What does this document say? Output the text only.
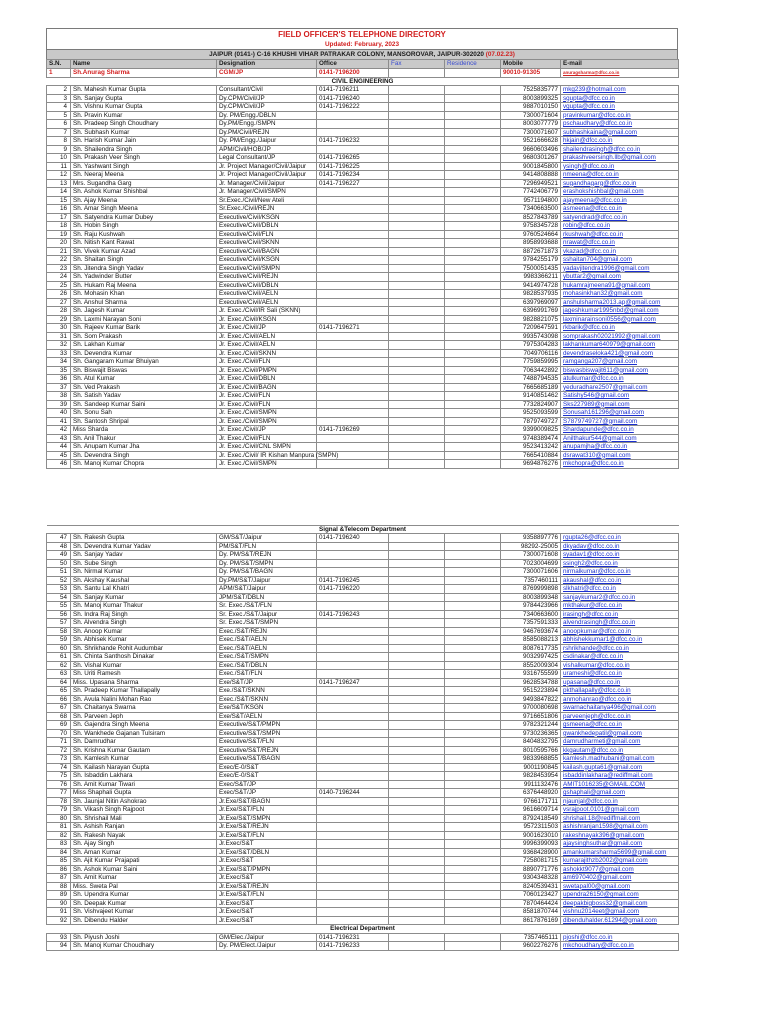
FIELD OFFICER'S TELEPHONE DIRECTORY
Updated: February, 2023
JAIPUR (0141-) C-16 KHUSHI VIHAR PATRAKAR COLONY, MANSOROVAR, JAIPUR-302020 (07.02.23)
S.N.	Name	Designation	Office	Fax	Residence	Mobile	E-mail
1	Sh.Anurag Sharma	CGM/JP	0141-7196200			90010-91305	anuragsharma@dfcc.co.in
CIVIL ENGINEERING							
2	Sh. Mahesh Kumar Gupta	Consultant/Civil	0141-7196211			7525835777	mkg239@hotmail.com
3	Sh. Sanjay Gupta	Dy.CPM/Civil/JP	0141-7196240			8003899325	sgupta@dfcc.co.in
4	Sh. Vishnu Kumar Gupta	Dy.CPM/Civil/JP	0141-7196222			9887010150	vgupta@dfcc.co.in
5	Sh. Pravin Kumar	Dy. PM/Engg./DBLN				7300071604	pravinkumar@dfcc.co.in
6	Sh. Pradeep Singh Choudhary	Dy.PM/Engg./SMPN				8003077779	pschaudhary@dfcc.co.in
7	Sh. Subhash Kumar	Dy.PM/Civil/REJN				7300071607	subhashkaina@gmail.com
8	Sh. Harish Kumar Jain	Dy. PM/Engg./Jaipur	0141-7196232			9521666628	hkjain@dfcc.co.in
9	Sh. Shailendra Singh	APM/Civil/HOB/JP				9660603496	shailendrasingh@dfcc.co.in
10	Sh. Prakash Veer Singh	Legal Consultant/JP	0141-7196265			9680301267	prakashveersingh.llb@gmail.com
11	Sh. Yashwant Singh	Jr. Project Manager/Civil/Jaipur	0141-7196225			9001845800	ysingh@dfcc.co.in
12	Sh. Neeraj Meena	Jr. Project Manager/Civil/Jaipur	0141-7196234			9414808888	nmeena@dfcc.co.in
13	Mrs. Sugandha Garg	Jr. Manager/Civil/Jaipur	0141-7196227			7296949521	sugandhagarg@dfcc.co.in
14	Sh. Ashok Kumar Shishbal	Jr. Manager/Civil/SMPN				7742406779	erashokshishbal@gmail.com
15	Sh. Ajay Meena	Sr.Exec./Civil/New Ateli				9571194800	ajaymeena@dfcc.co.in
16	Sh. Amar Singh Meena	Sr.Exec./Civil/REJN				7340663500	asmeena@dfcc.co.in
17	Sh. Satyendra Kumar Dubey	Executive/Civil/KSGN				8527843789	satyendrad@dfcc.co.in
18	Sh. Hobin Singh	Executive/Civil/DBLN				9758345728	robin@dfcc.co.in
19	Sh. Raju Kushwah	Executive/Civil/FLN				9760524664	rkushwah@dfcc.co.in
20	Sh. Nitish Kant Rawat	Executive/Civil/SKNN				8958993688	nrawat@dfcc.co.in
21	Sh. Vivek Kumar Azad	Executive/Civil/BAGN				8872671873	vkazad@dfcc.co.in
22	Sh. Shaitan Singh	Executive/Civil/KSGN				9784255179	sshaitan704@gmail.com
23	Sh. Jitendra Singh Yadav	Executive/Civil/SMPN				7500051435	yadavjitendra1996@gmail.com
24	Sh. Yadwinder Butter	Executive/Civil/REJN				9983366211	ybuttar2@gmail.com
25	Sh. Hukam Raj Meena	Executive/Civil/DBLN				9414974728	hukamrajmeena91@gmail.com
26	Sh. Mohasin Khan	Executive/Civil/AELN				9828537935	mohasinkhan32@gmail.com
27	Sh. Anshul Sharma	Executive/Civil/AELN				6397969097	anshulsharma2013.ap@gmail.com
28	Sh. Jagesh Kumar	Jr. Exec./Civil/IR Sali (SKNN)				6396991769	jageshkumar1995nbd@gmail.com
29	Sh. Laxmi Narayan Soni	Jr. Exec./Civil/KSGN				9828821075	laxminarainsoni0556@gmail.com
30	Sh. Rajeev Kumar Barik	Jr. Exec./Civil/JP	0141-7196271			7209647591	rkbarik@dfcc.co.in
31	Sh. Som Prakash	Jr. Exec./Civil/AELN				9935743098	somprakash02021992@gmail.com
32	Sh. Lakhan Kumar	Jr. Exec./Civil/AELN				7975304283	lakhankumar640979@gmail.com
33	Sh. Devendra Kumar	Jr. Exec./Civil/SKNN				7049706116	devendraseloka421@gmail.com
34	Sh. Gangaram Kumar Bhuiyan	Jr. Exec./Civil/FLN				7759859995	ramganga207@gmail.com
35	Sh. Biswajit Biswas	Jr. Exec./Civil/PMPN				7063442892	biswasbiswajit611@gmail.com
36	Sh. Atul Kumar	Jr. Exec./Civil/DBLN				7488794535	atulkumar@dfcc.co.in
37	Sh. Ved Prakash	Jr. Exec./Civil/BAGN				7665685189	yeduradhare2507@gmail.com
38	Sh. Satish Yadav	Jr. Exec./Civil/FLN				9140851462	Satishy546@gmail.com
39	Sh. Sandeep Kumar Saini	Jr. Exec./Civil/FLN				7732824907	Sks227989@gmail.com
40	Sh. Sonu Sah	Jr. Exec./Civil/SMPN				9525093599	Sonusah161296@gmail.com
41	Sh. Santosh Shripal	Jr. Exec./Civil/SMPN				7879749727	S7879749727@gmail.com
42	Miss Sharda	Jr. Exec./Civil/JP	0141-7196269			9399009825	Shardapunde@dfcc.co.in
43	Sh. Anil Thakur	Jr. Exec./Civil/FLN				9748389474	Anilthakur544@gmail.com
44	Sh. Anupam Kumar Jha	Jr. Exec./Civil/CNL SMPN				9523413242	anupamjha@dfcc.co.in
45	Sh. Devendra Singh	Jr. Exec./Civil/ IR Kishan Manpura (SMPN)				7665410884	dsrawat310@gmail.com
46	Sh. Manoj Kumar Chopra	Jr. Exec./Civil/SMPN				9694876276	mkchopra@dfcc.co.in
Signal &Telecom Department							
47	Sh. Rakesh Gupta	GM/S&T/Jaipur	0141-7196240			9358897776	rgupta26@dfcc.co.in
48	Sh. Devendra Kumar Yadav	PM/S&T/FLN				98292-25005	dkyadav@dfcc.co.in
49	Sh. Sanjay Yadav	Dy. PM/S&T/REJN				7300071608	syadav1@dfcc.co.in
50	Sh. Sube Singh	Dy. PM/S&T/SMPN				7023004699	ssingh2@dfcc.co.in
51	Sh. Nirmal Kumar	Dy. PM/S&T/BAGN				7300071606	nirmalkumar@dfcc.co.in
52	Sh. Akshay Kaushal	Dy.PM/S&T/Jaipur	0141-7196245			7357460111	akaushal@dfcc.co.in
53	Sh. Santu Lal Khatri	APM/S&T/Jaipur	0141-7196220			8769999898	slkhatri@dfcc.co.in
54	Sh. Sanjay Kumar	JPM/S&T/DBLN				8003899348	sanjaykumar2@dfcc.co.in
55	Sh. Manoj Kumar Thakur	Sr. Exec./S&T/FLN				9784423966	mkthakur@dfcc.co.in
56	Sh. Indra Raj Singh	Sr. Exec./S&T/Jaipur	0141-7196243			7340663600	irasingh@dfcc.co.in
57	Sh. Alvendra Singh	Sr. Exec./S&T/SMPN				7357591333	alvendrasingh@dfcc.co.in
58	Sh. Anoop Kumar	Exec./S&T/REJN				9467693674	anoopkumar@dfcc.co.in
59	Sh. Abhisek Kumar	Exec./S&T/AELN				8585088213	abhishekkumar1@dfcc.co.in
60	Sh. Shrikhande Rohit Audumbar	Exec./S&T/AELN				8087617735	rshrikhande@dfcc.co.in
61	Sh. Chinta Santhosh Dinakar	Exec./S&T/SMPN				9032997425	csdinakar@dfcc.co.in
62	Sh. Vishal Kumar	Exec./S&T/DBLN				8552009304	vishalkumar@dfcc.co.in
63	Sh. Uriti Ramesh	Exec./S&T/FLN				9316755599	urameshi@dfcc.co.in
64	Miss. Upasana Sharma	Exe/S&T/JP	0141-7196247			9628534788	upasana@dfcc.co.in
65	Sh. Pradeep Kumar Thallapally	Exe./S&T/SKNN				9515223894	pkthallapally@dfcc.co.in
66	Sh. Avula Nalini Mohan Rao	Exec./S&T/SKNN				9493847822	anmohanrao@dfcc.co.in
67	Sh. Chaitanya Swarna	Exe/S&T/KSGN				9700080698	swarnachaitanya496@gmail.com
68	Sh. Parveen Jeph	Exe/S&T/AELN				9716651806	parveenjeph@dfcc.co.in
69	Sh. Gajendra Singh Meena	Executive/S&T/PMPN				9782321244	gsmeena@dfcc.co.in
70	Sh. Wankhede Gajanan Tulsiram	Executive/S&T/SMPN				9730236365	gwankhedepatil@gmail.com
71	Sh. Damrudhar	Executive/S&T/FLN				8404832795	damrudharmeti@gmail.com
72	Sh. Krishna Kumar Gautam	Executive/S&T/REJN				8010595766	kkgautam@dfcc.co.in
73	Sh. Kamlesh Kumar	Executive/S&T/BAGN				9833968855	kamlesh.madhubani@gmail.com
74	Sh. Kailash Narayan Gupta	Exec/E-0/S&T				9001190845	kailash.gupta61@gmail.com
75	Sh. Isbaddin Lakhara	Exec/E-0/S&T				9828453954	isbaddinlakhara@rediffmail.com
76	Sh. Amit Kumar Tiwari	Exec/S&T/JP				9911132476	AMIT1016235@GMAIL.COM
77	Miss Shaphali Gupta	Exec/S&T/JP	0140-7196244			6376448920	gshaphali@gmail.com
78	Sh. Jaunjal Nitin Ashokrao	Jr.Exe/S&T/BAGN				9766171711	njaunjal@dfcc.co.in
79	Sh. Vikash Singh Rajpoot	Jr.Exe/S&T/FLN				9616609714	vsrajpoot.0101@gmail.com
80	Sh. Shrishail Mali	Jr.Exe/S&T/SMPN				8792418549	shrishail.18@rediffmail.com
81	Sh. Ashish Ranjan	Jr.Exe/S&T/REJN				9572311503	ashishranjan1598@gmail.com
82	Sh. Rakesh Nayak	Jr.Exe/S&T/FLN				9001623010	rakeshnayak396@gmail.com
83	Sh. Ajay Singh	Jr.Exec/S&T				9996399093	ajaysinghsuthar@gmail.com
84	Sh. Aman Kumar	Jr.Exe/S&T/DBLN				9368428900	amankumarsharma5699@gmail.com
85	Sh. Ajit Kumar Prajapati	Jr.Exec/S&T				7258081715	kumarajithzb2002@gmail.com
86	Sh. Ashok Kumar Saini	Jr.Exe/S&T/PMPN				8890771776	ashokkt9077@gmail.com
87	Sh. Amit Kumar	Jr.Exec/S&T				9304348328	am6970402@gmail.com
88	Miss. Sweta Pal	Jr.Exe/S&T/REJN				8240539431	swetapal00@gmail.com
89	Sh. Upendra Kumar	Jr.Exe/S&T/FLN				7060123427	upendra26150@gmail.com
90	Sh. Deepak Kumar	Jr.Exec/S&T				7870464424	deepakbigboss32@gmail.com
91	Sh. Vishvajeet Kumar	Jr.Exec/S&T				8581870744	vishnu2014eet@gmail.com
92	Sh. Dibendu Halder	Jr.Exec/S&T				8617876169	dibenduhalder.61294@gmail.com
Electrical Department							
93	Sh. Piyush Joshi	GM/Elec./Jaipur	0141-7196231			7357465111	pjoshi@dfcc.co.in
94	Sh. Manoj Kumar Choudhary	Dy. PM/Elect./Jaipur	0141-7196233			9602276276	mkchoudhary@dfcc.co.in
